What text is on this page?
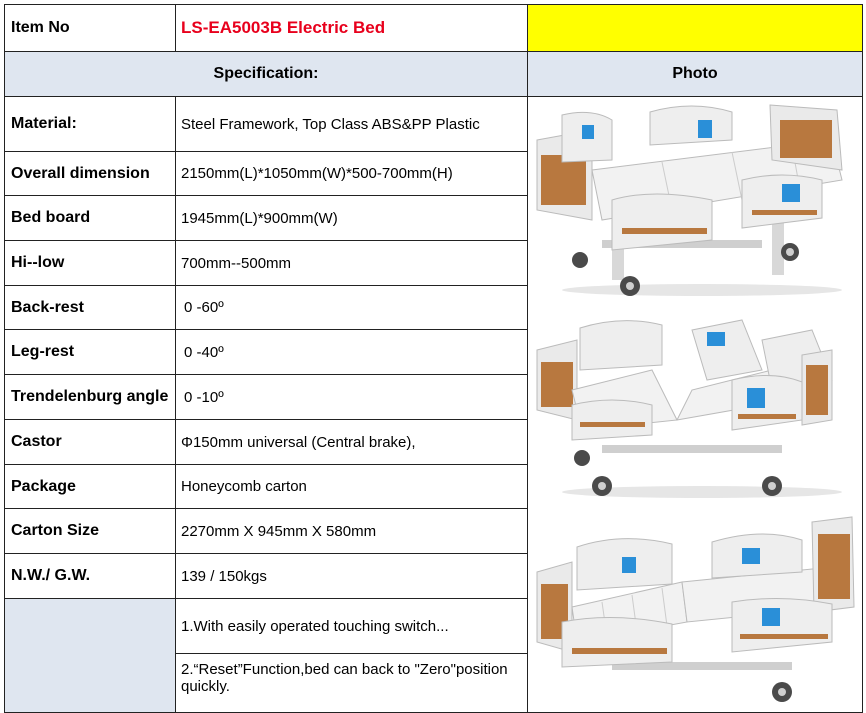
Item No	LS-EA5003B Electric Bed
Specification:	Photo
Material:	Steel Framework, Top Class ABS&PP Plastic
Overall dimension	2150mm(L)*1050mm(W)*500-700mm(H)
Bed board	1945mm(L)*900mm(W)
Hi--low	700mm--500mm
Back-rest	0 -60º
Leg-rest	0 -40º
Trendelenburg angle	0 -10º
Castor	Φ150mm universal (Central brake),
Package	Honeycomb carton
Carton Size	2270mm X 945mm X 580mm
N.W./ G.W.	139 / 150kgs
1.With easily operated touching switch...
2.“Reset”Function,bed can back to "Zero"position quickly.
